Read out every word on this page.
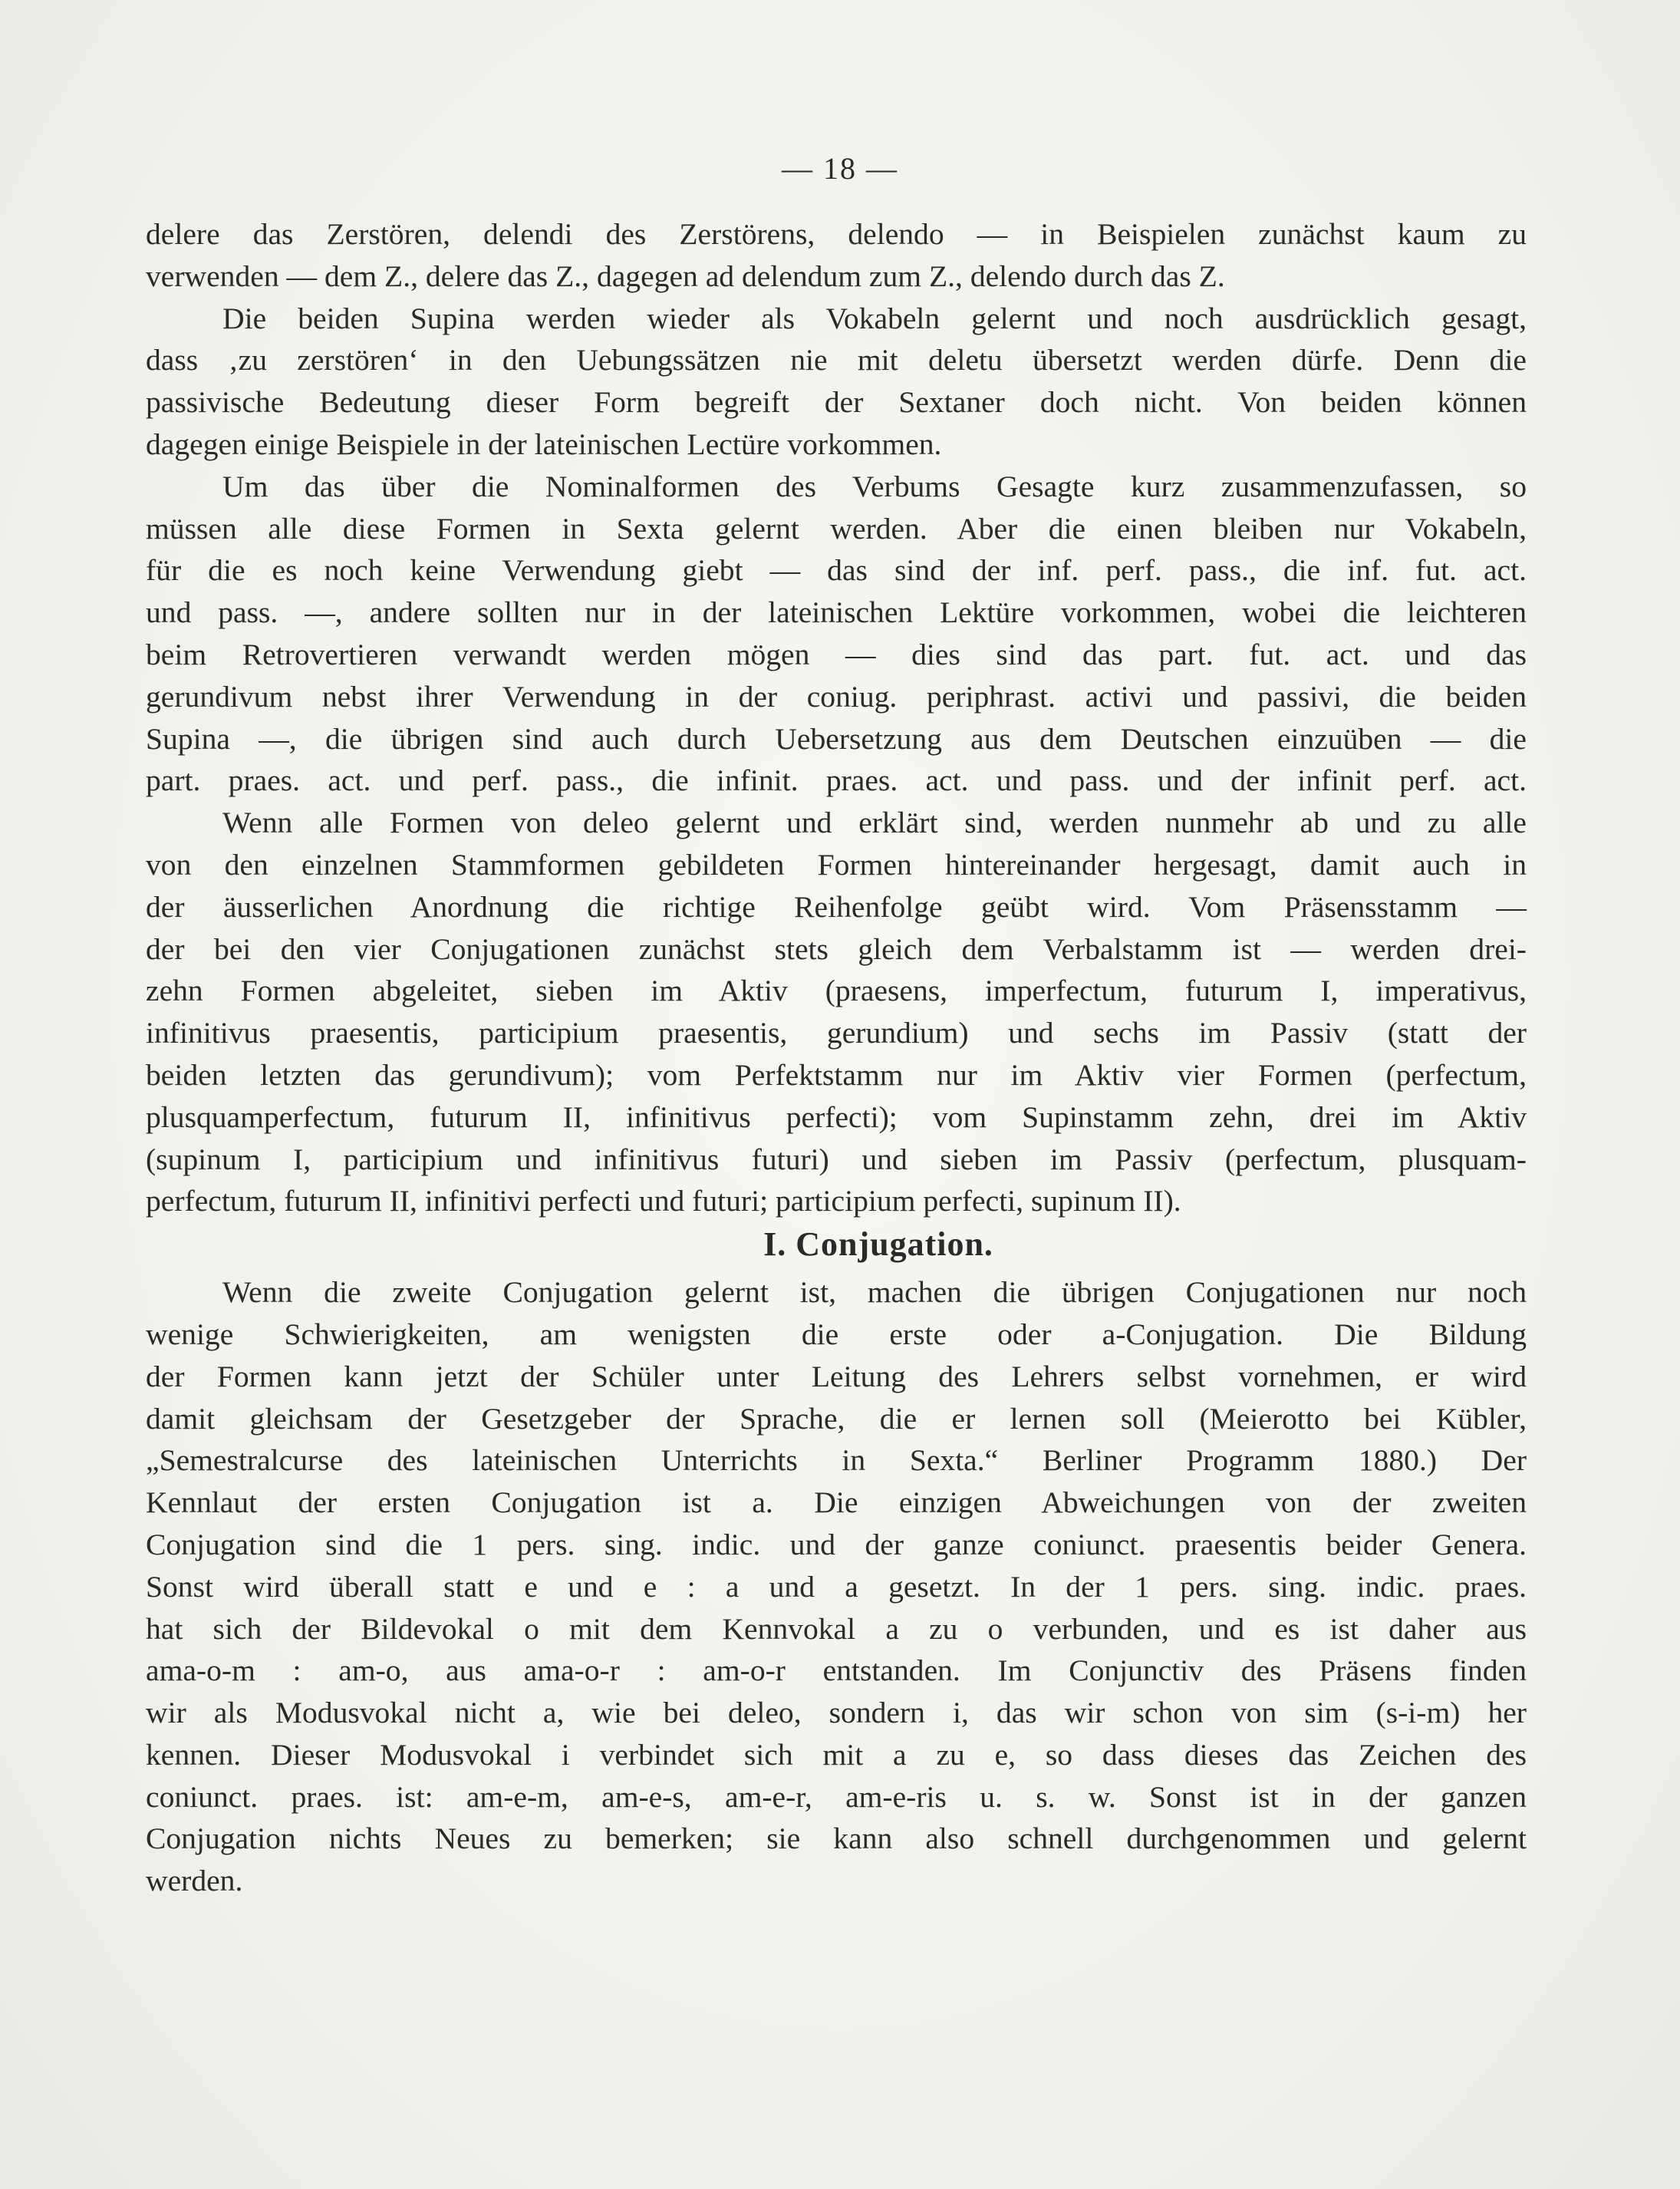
— 18 —
delere das Zerstören, delendi des Zerstörens, delendo — in Beispielen zunächst kaum zu
verwenden — dem Z., delere das Z., dagegen ad delendum zum Z., delendo durch das Z.
Die beiden Supina werden wieder als Vokabeln gelernt und noch ausdrücklich gesagt,
dass ‚zu zerstören‘ in den Uebungssätzen nie mit deletu übersetzt werden dürfe. Denn die
passivische Bedeutung dieser Form begreift der Sextaner doch nicht. Von beiden können
dagegen einige Beispiele in der lateinischen Lectüre vorkommen.
Um das über die Nominalformen des Verbums Gesagte kurz zusammenzufassen, so
müssen alle diese Formen in Sexta gelernt werden. Aber die einen bleiben nur Vokabeln,
für die es noch keine Verwendung giebt — das sind der inf. perf. pass., die inf. fut. act.
und pass. —, andere sollten nur in der lateinischen Lektüre vorkommen, wobei die leichteren
beim Retrovertieren verwandt werden mögen — dies sind das part. fut. act. und das
gerundivum nebst ihrer Verwendung in der coniug. periphrast. activi und passivi, die beiden
Supina —, die übrigen sind auch durch Uebersetzung aus dem Deutschen einzuüben — die
part. praes. act. und perf. pass., die infinit. praes. act. und pass. und der infinit perf. act.
Wenn alle Formen von deleo gelernt und erklärt sind, werden nunmehr ab und zu alle
von den einzelnen Stammformen gebildeten Formen hintereinander hergesagt, damit auch in
der äusserlichen Anordnung die richtige Reihenfolge geübt wird. Vom Präsensstamm —
der bei den vier Conjugationen zunächst stets gleich dem Verbalstamm ist — werden drei-
zehn Formen abgeleitet, sieben im Aktiv (praesens, imperfectum, futurum I, imperativus,
infinitivus praesentis, participium praesentis, gerundium) und sechs im Passiv (statt der
beiden letzten das gerundivum); vom Perfektstamm nur im Aktiv vier Formen (perfectum,
plusquamperfectum, futurum II, infinitivus perfecti); vom Supinstamm zehn, drei im Aktiv
(supinum I, participium und infinitivus futuri) und sieben im Passiv (perfectum, plusquam-
perfectum, futurum II, infinitivi perfecti und futuri; participium perfecti, supinum II).
I. Conjugation.
Wenn die zweite Conjugation gelernt ist, machen die übrigen Conjugationen nur noch
wenige Schwierigkeiten, am wenigsten die erste oder a-Conjugation. Die Bildung
der Formen kann jetzt der Schüler unter Leitung des Lehrers selbst vornehmen, er wird
damit gleichsam der Gesetzgeber der Sprache, die er lernen soll (Meierotto bei Kübler,
„Semestralcurse des lateinischen Unterrichts in Sexta.“ Berliner Programm 1880.) Der
Kennlaut der ersten Conjugation ist a. Die einzigen Abweichungen von der zweiten
Conjugation sind die 1 pers. sing. indic. und der ganze coniunct. praesentis beider Genera.
Sonst wird überall statt e und e : a und a gesetzt. In der 1 pers. sing. indic. praes.
hat sich der Bildevokal o mit dem Kennvokal a zu o verbunden, und es ist daher aus
ama-o-m : am-o, aus ama-o-r : am-o-r entstanden. Im Conjunctiv des Präsens finden
wir als Modusvokal nicht a, wie bei deleo, sondern i, das wir schon von sim (s-i-m) her
kennen. Dieser Modusvokal i verbindet sich mit a zu e, so dass dieses das Zeichen des
coniunct. praes. ist: am-e-m, am-e-s, am-e-r, am-e-ris u. s. w. Sonst ist in der ganzen
Conjugation nichts Neues zu bemerken; sie kann also schnell durchgenommen und gelernt
werden.
